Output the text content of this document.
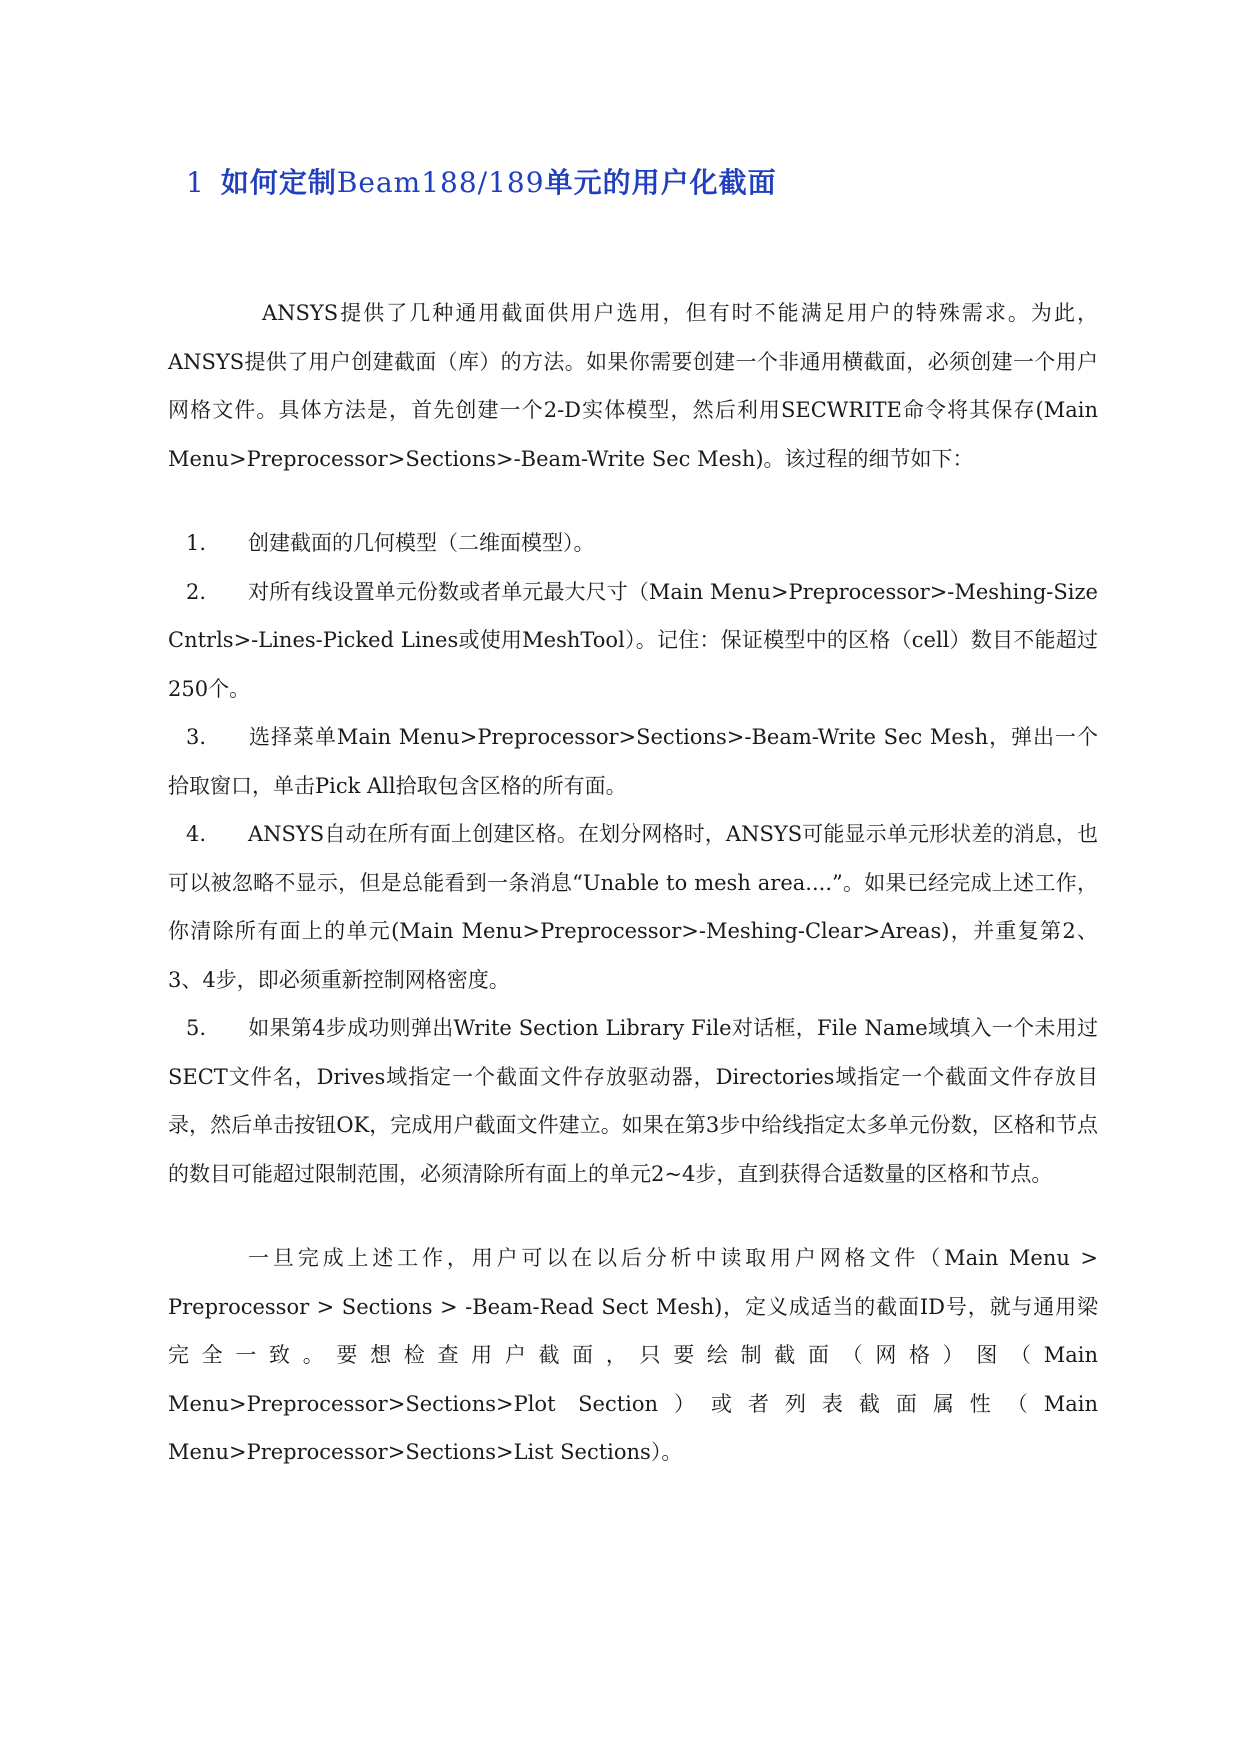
1 如何定制Beam188/189单元的用户化截面

ANSYS提供了几种通用截面供用户选用，但有时不能满足用户的特殊需求。为此，ANSYS提供了用户创建截面（库）的方法。如果你需要创建一个非通用横截面，必须创建一个用户网格文件。具体方法是，首先创建一个2-D实体模型，然后利用SECWRITE命令将其保存(Main Menu>Preprocessor>Sections>-Beam-Write Sec Mesh)。该过程的细节如下：

1. 创建截面的几何模型（二维面模型）。

2. 对所有线设置单元份数或者单元最大尺寸（Main Menu>Preprocessor>-Meshing-Size Cntrls>-Lines-Picked Lines或使用MeshTool）。记住：保证模型中的区格（cell）数目不能超过250个。

3. 选择菜单Main Menu>Preprocessor>Sections>-Beam-Write Sec Mesh，弹出一个拾取窗口，单击Pick All拾取包含区格的所有面。

4. ANSYS自动在所有面上创建区格。在划分网格时，ANSYS可能显示单元形状差的消息，也可以被忽略不显示，但是总能看到一条消息“Unable to mesh area....”。如果已经完成上述工作，你清除所有面上的单元(Main Menu>Preprocessor>-Meshing-Clear>Areas)，并重复第2、3、4步，即必须重新控制网格密度。

5. 如果第4步成功则弹出Write Section Library File对话框，File Name域填入一个未用过SECT文件名，Drives域指定一个截面文件存放驱动器，Directories域指定一个截面文件存放目录，然后单击按钮OK，完成用户截面文件建立。如果在第3步中给线指定太多单元份数，区格和节点的数目可能超过限制范围，必须清除所有面上的单元2~4步，直到获得合适数量的区格和节点。

一旦完成上述工作，用户可以在以后分析中读取用户网格文件（Main Menu > Preprocessor > Sections > -Beam-Read Sect Mesh)，定义成适当的截面ID号，就与通用梁完全一致。要想检查用户截面，只要绘制截面（网格）图（Main Menu>Preprocessor>Sections>Plot Section）或者列表截面属性（Main Menu>Preprocessor>Sections>List Sections）。
